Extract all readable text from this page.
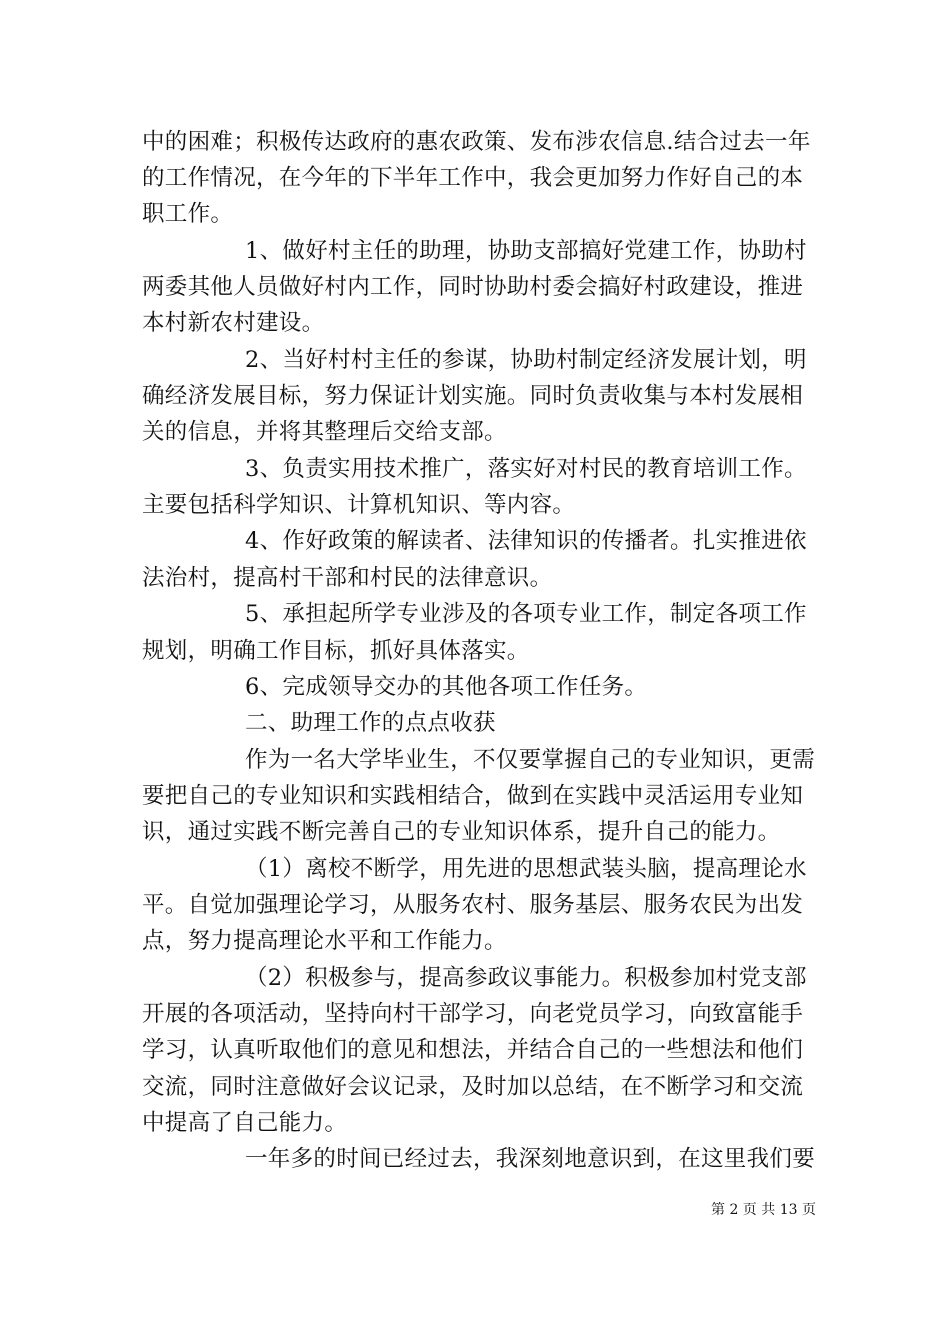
中的困难；积极传达政府的惠农政策、发布涉农信息.结合过去一年
的工作情况，在今年的下半年工作中，我会更加努力作好自己的本
职工作。
1、做好村主任的助理，协助支部搞好党建工作，协助村
两委其他人员做好村内工作，同时协助村委会搞好村政建设，推进
本村新农村建设。
2、当好村村主任的参谋，协助村制定经济发展计划，明
确经济发展目标，努力保证计划实施。同时负责收集与本村发展相
关的信息，并将其整理后交给支部。
3、负责实用技术推广，落实好对村民的教育培训工作。
主要包括科学知识、计算机知识、等内容。
4、作好政策的解读者、法律知识的传播者。扎实推进依
法治村，提高村干部和村民的法律意识。
5、承担起所学专业涉及的各项专业工作，制定各项工作
规划，明确工作目标，抓好具体落实。
6、完成领导交办的其他各项工作任务。
二、助理工作的点点收获
作为一名大学毕业生，不仅要掌握自己的专业知识，更需
要把自己的专业知识和实践相结合，做到在实践中灵活运用专业知
识，通过实践不断完善自己的专业知识体系，提升自己的能力。
（1）离校不断学，用先进的思想武装头脑，提高理论水
平。自觉加强理论学习，从服务农村、服务基层、服务农民为出发
点，努力提高理论水平和工作能力。
（2）积极参与，提高参政议事能力。积极参加村党支部
开展的各项活动，坚持向村干部学习，向老党员学习，向致富能手
学习，认真听取他们的意见和想法，并结合自己的一些想法和他们
交流，同时注意做好会议记录，及时加以总结，在不断学习和交流
中提高了自己能力。
一年多的时间已经过去，我深刻地意识到，在这里我们要
第 2 页 共 13 页
